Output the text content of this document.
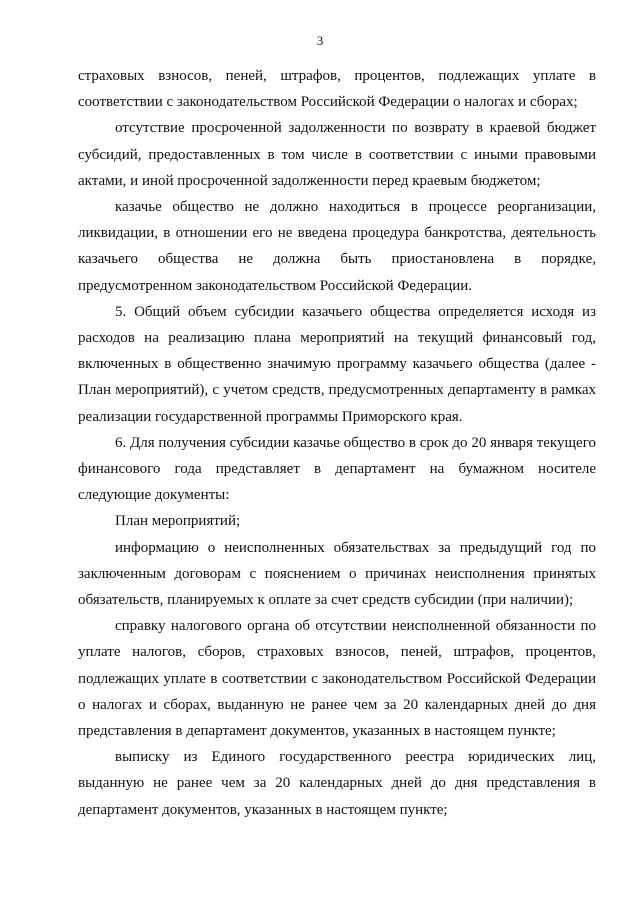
3

страховых взносов, пеней, штрафов, процентов, подлежащих уплате в соответствии с законодательством Российской Федерации о налогах и сборах;

отсутствие просроченной задолженности по возврату в краевой бюджет субсидий, предоставленных в том числе в соответствии с иными правовыми актами, и иной просроченной задолженности перед краевым бюджетом;

казачье общество не должно находиться в процессе реорганизации, ликвидации, в отношении его не введена процедура банкротства, деятельность казачьего общества не должна быть приостановлена в порядке, предусмотренном законодательством Российской Федерации.

5. Общий объем субсидии казачьего общества определяется исходя из расходов на реализацию плана мероприятий на текущий финансовый год, включенных в общественно значимую программу казачьего общества (далее - План мероприятий), с учетом средств, предусмотренных департаменту в рамках реализации государственной программы Приморского края.

6. Для получения субсидии казачье общество в срок до 20 января текущего финансового года представляет в департамент на бумажном носителе следующие документы:

План мероприятий;

информацию о неисполненных обязательствах за предыдущий год по заключенным договорам с пояснением о причинах неисполнения принятых обязательств, планируемых к оплате за счет средств субсидии (при наличии);

справку налогового органа об отсутствии неисполненной обязанности по уплате налогов, сборов, страховых взносов, пеней, штрафов, процентов, подлежащих уплате в соответствии с законодательством Российской Федерации о налогах и сборах, выданную не ранее чем за 20 календарных дней до дня представления в департамент документов, указанных в настоящем пункте;

выписку из Единого государственного реестра юридических лиц, выданную не ранее чем за 20 календарных дней до дня представления в департамент документов, указанных в настоящем пункте;
